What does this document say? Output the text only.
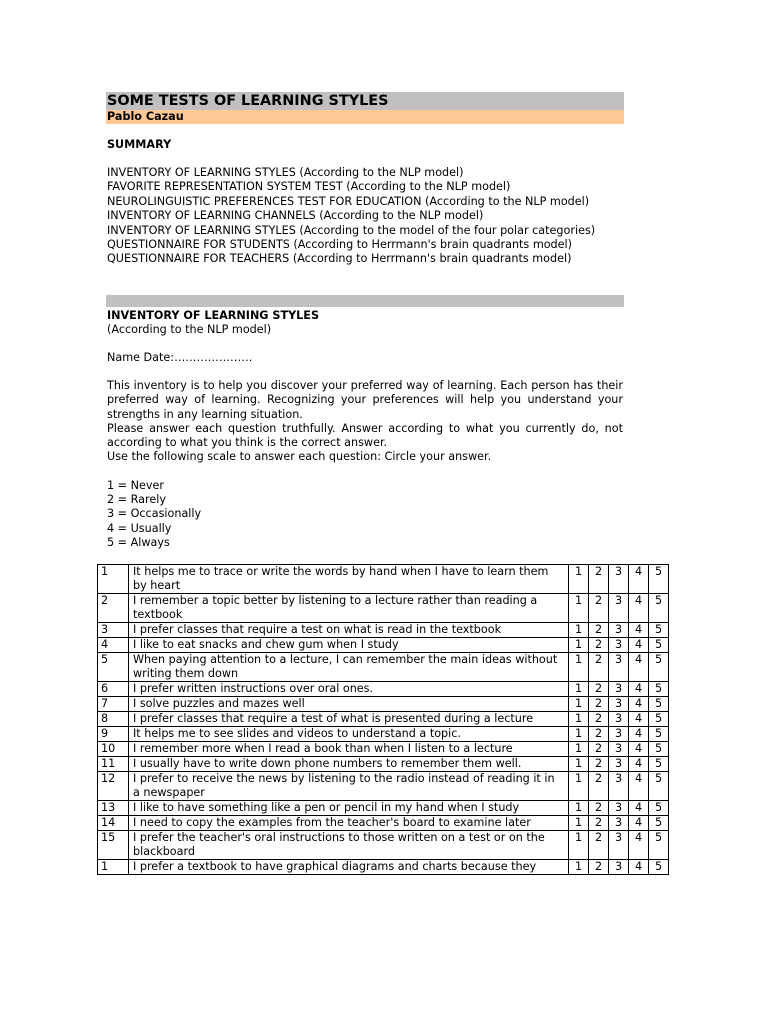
SOME TESTS OF LEARNING STYLES
Pablo Cazau
SUMMARY
INVENTORY OF LEARNING STYLES (According to the NLP model)
FAVORITE REPRESENTATION SYSTEM TEST (According to the NLP model)
NEUROLINGUISTIC PREFERENCES TEST FOR EDUCATION (According to the NLP model)
INVENTORY OF LEARNING CHANNELS (According to the NLP model)
INVENTORY OF LEARNING STYLES (According to the model of the four polar categories)
QUESTIONNAIRE FOR STUDENTS (According to Herrmann's brain quadrants model)
QUESTIONNAIRE FOR TEACHERS (According to Herrmann's brain quadrants model)
INVENTORY OF LEARNING STYLES
(According to the NLP model)
Name Date:…………………

This inventory is to help you discover your preferred way of learning. Each person has their preferred way of learning. Recognizing your preferences will help you understand your strengths in any learning situation.

Please answer each question truthfully. Answer according to what you currently do, not according to what you think is the correct answer.

Use the following scale to answer each question: Circle your answer.

1 = Never
2 = Rarely
3 = Occasionally
4 = Usually
5 = Always
1	It helps me to trace or write the words by hand when I have to learn them by heart	1	2	3	4	5
2	I remember a topic better by listening to a lecture rather than reading a textbook	1	2	3	4	5
3	I prefer classes that require a test on what is read in the textbook	1	2	3	4	5
4	I like to eat snacks and chew gum when I study	1	2	3	4	5
5	When paying attention to a lecture, I can remember the main ideas without writing them down	1	2	3	4	5
6	I prefer written instructions over oral ones.	1	2	3	4	5
7	I solve puzzles and mazes well	1	2	3	4	5
8	I prefer classes that require a test of what is presented during a lecture	1	2	3	4	5
9	It helps me to see slides and videos to understand a topic.	1	2	3	4	5
10	I remember more when I read a book than when I listen to a lecture	1	2	3	4	5
11	I usually have to write down phone numbers to remember them well.	1	2	3	4	5
12	I prefer to receive the news by listening to the radio instead of reading it in a newspaper	1	2	3	4	5
13	I like to have something like a pen or pencil in my hand when I study	1	2	3	4	5
14	I need to copy the examples from the teacher's board to examine later	1	2	3	4	5
15	I prefer the teacher's oral instructions to those written on a test or on the blackboard	1	2	3	4	5
1	I prefer a textbook to have graphical diagrams and charts because they	1	2	3	4	5
